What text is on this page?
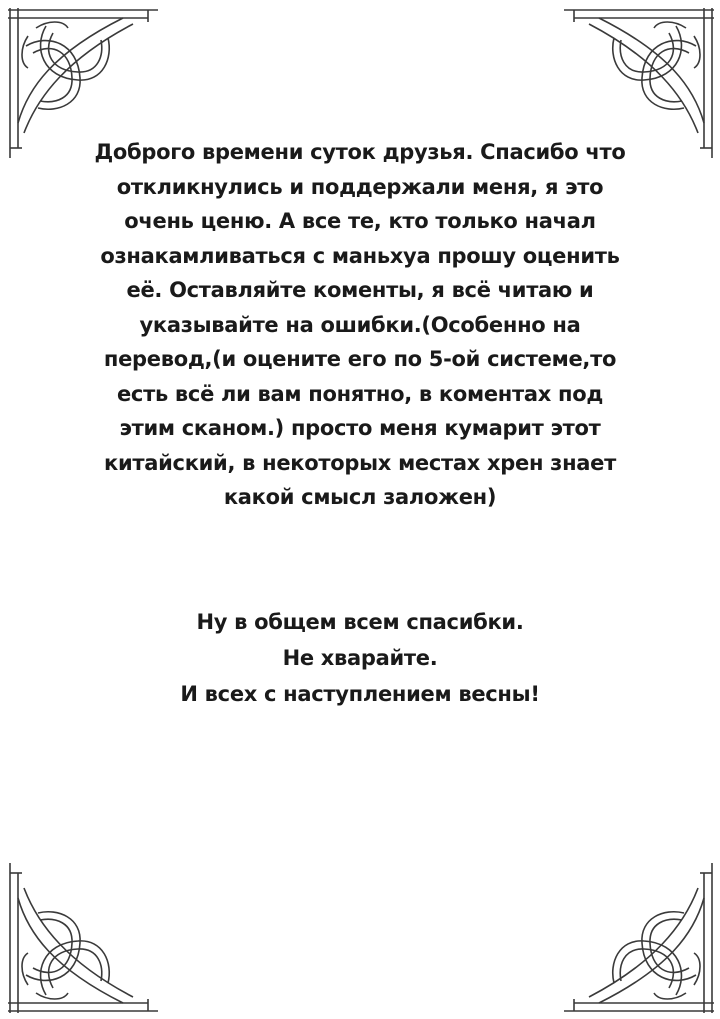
Доброго времени суток друзья. Спасибо что
откликнулись и поддержали меня, я это
очень ценю. А все те, кто только начал
ознакамливаться с маньхуа прошу оценить
её. Оставляйте коменты, я всё читаю и
указывайте на ошибки.(Особенно на
перевод,(и оцените его по 5-ой системе,то
есть всё ли вам понятно, в коментах под
этим сканом.) просто меня кумарит этот
китайский, в некоторых местах хрен знает
какой смысл заложен)

Ну в общем всем спасибки.
Не хварайте.
И всех с наступлением весны!
